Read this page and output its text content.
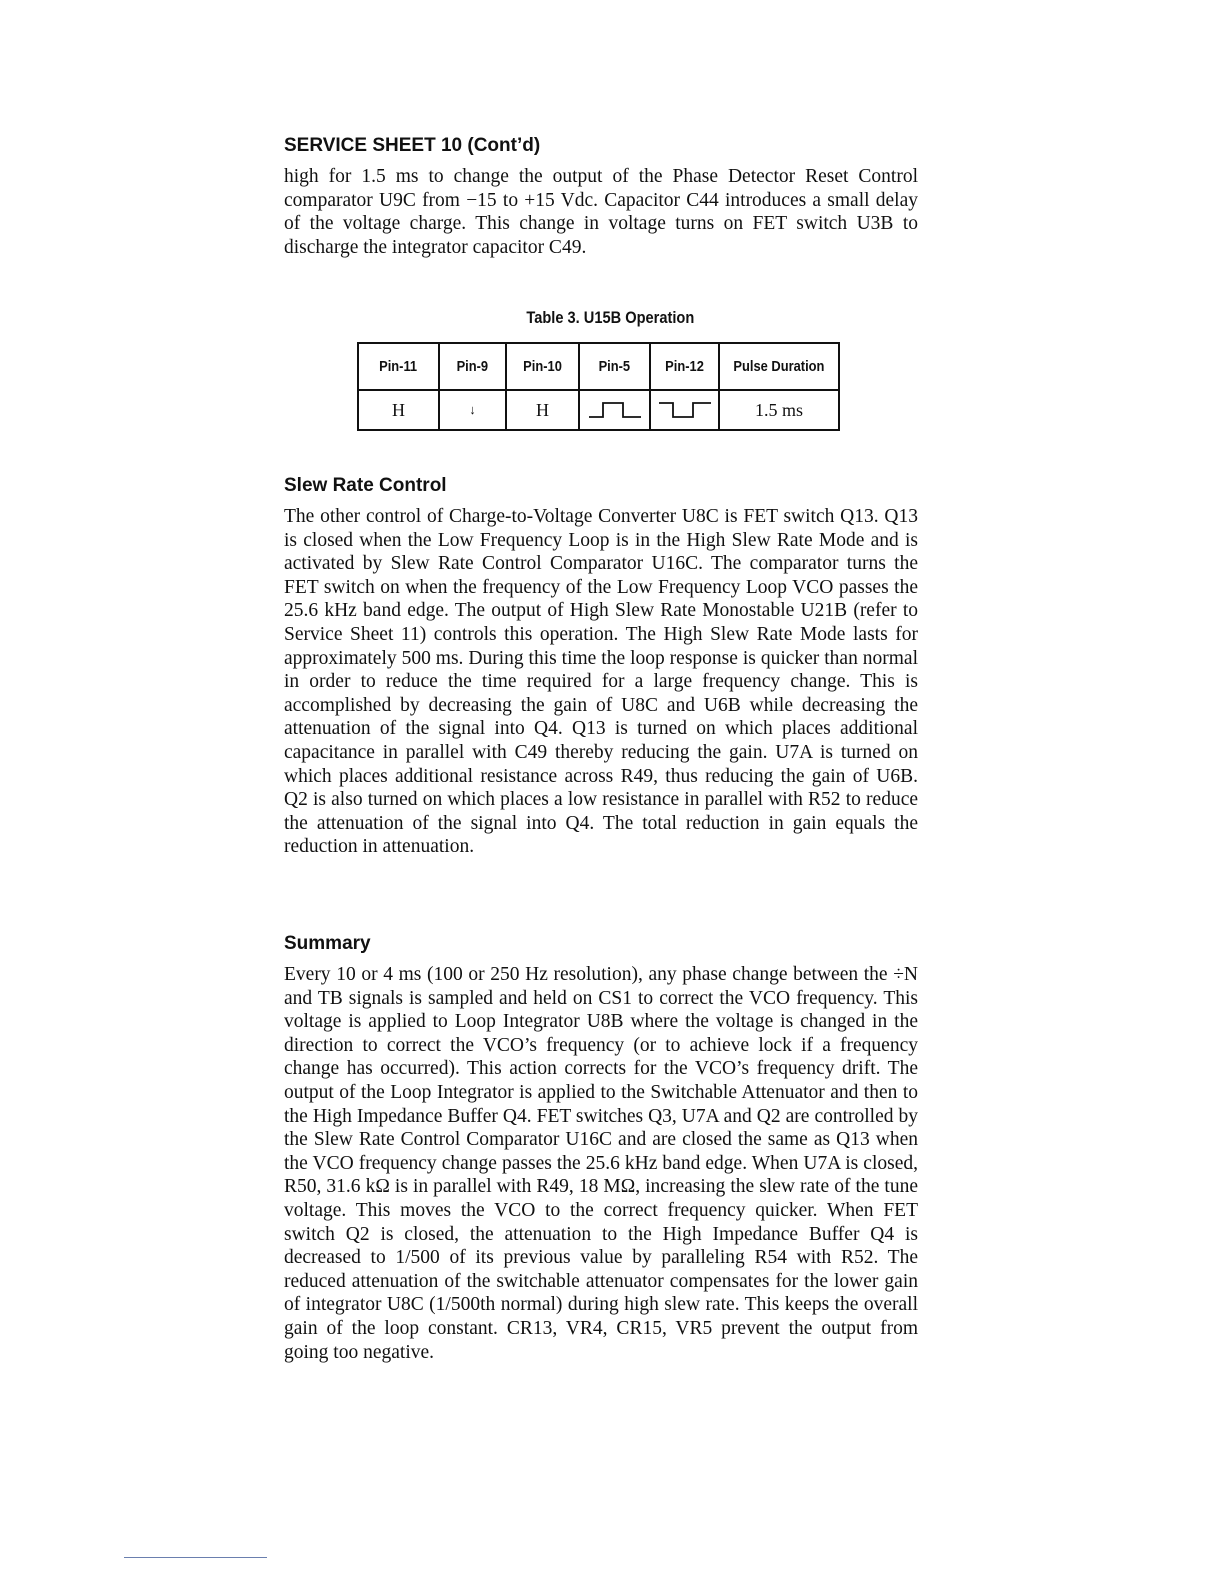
SERVICE SHEET 10 (Cont’d)

high for 1.5 ms to change the output of the Phase Detector Reset Control comparator U9C from −15 to +15 Vdc. Capacitor C44 introduces a small delay of the voltage charge. This change in voltage turns on FET switch U3B to discharge the integrator capacitor C49.

Table 3. U15B Operation
Pin-11	Pin-9	Pin-10	Pin-5	Pin-12	Pulse Duration
H	↓	H			1.5 ms
Slew Rate Control

The other control of Charge-to-Voltage Converter U8C is FET switch Q13. Q13 is closed when the Low Frequency Loop is in the High Slew Rate Mode and is activated by Slew Rate Control Comparator U16C. The comparator turns the FET switch on when the frequency of the Low Frequency Loop VCO passes the 25.6 kHz band edge. The output of High Slew Rate Monostable U21B (refer to Service Sheet 11) controls this operation. The High Slew Rate Mode lasts for approximately 500 ms. During this time the loop response is quicker than normal in order to reduce the time required for a large frequency change. This is accomplished by decreasing the gain of U8C and U6B while decreasing the attenuation of the signal into Q4. Q13 is turned on which places additional capacitance in parallel with C49 thereby reducing the gain. U7A is turned on which places additional resistance across R49, thus reducing the gain of U6B. Q2 is also turned on which places a low resistance in parallel with R52 to reduce the attenuation of the signal into Q4. The total reduction in gain equals the reduction in attenuation.

Summary

Every 10 or 4 ms (100 or 250 Hz resolution), any phase change between the ÷N and TB signals is sampled and held on CS1 to correct the VCO frequency. This voltage is applied to Loop Integrator U8B where the voltage is changed in the direction to correct the VCO’s frequency (or to achieve lock if a frequency change has occurred). This action corrects for the VCO’s frequency drift. The output of the Loop Integrator is applied to the Switchable Attenuator and then to the High Impedance Buffer Q4. FET switches Q3, U7A and Q2 are controlled by the Slew Rate Control Comparator U16C and are closed the same as Q13 when the VCO frequency change passes the 25.6 kHz band edge. When U7A is closed, R50, 31.6 kΩ is in parallel with R49, 18 MΩ, increasing the slew rate of the tune voltage. This moves the VCO to the correct frequency quicker. When FET switch Q2 is closed, the attenuation to the High Impedance Buffer Q4 is decreased to 1/500 of its previous value by paralleling R54 with R52. The reduced attenuation of the switchable attenuator compensates for the lower gain of integrator U8C (1/500th normal) during high slew rate. This keeps the overall gain of the loop constant. CR13, VR4, CR15, VR5 prevent the output from going too negative.
